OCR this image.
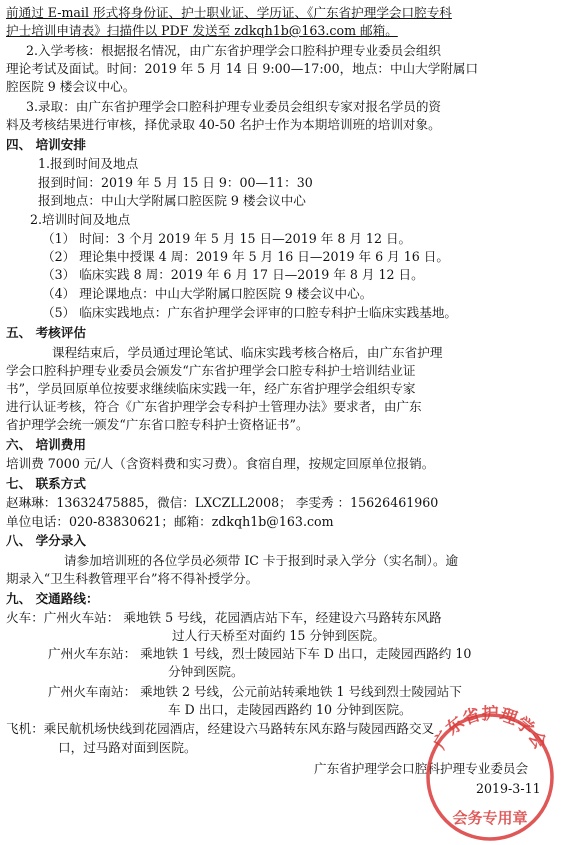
前通过 E-mail 形式将身份证、护士职业证、学历证、《广东省护理学会口腔专科
护士培训申请表》扫描件以 PDF 发送至 zdkqh1b@163.com 邮箱。
2.入学考核：根据报名情况，由广东省护理学会口腔科护理专业委员会组织
理论考试及面试。时间：2019 年 5 月 14 日 9:00—17:00，地点：中山大学附属口
腔医院 9 楼会议中心。
3.录取：由广东省护理学会口腔科护理专业委员会组织专家对报名学员的资
料及考核结果进行审核，择优录取 40-50 名护士作为本期培训班的培训对象。
四、 培训安排
1.报到时间及地点
报到时间：2019 年 5 月 15 日 9：00—11：30
报到地点：中山大学附属口腔医院 9 楼会议中心
2.培训时间及地点
（1） 时间：3 个月 2019 年 5 月 15 日—2019 年 8 月 12 日。
（2） 理论集中授课 4 周：2019 年 5 月 16 日—2019 年 6 月 16 日。
（3） 临床实践 8 周：2019 年 6 月 17 日—2019 年 8 月 12 日。
（4） 理论课地点：中山大学附属口腔医院 9 楼会议中心。
（5） 临床实践地点：广东省护理学会评审的口腔专科护士临床实践基地。
五、 考核评估
课程结束后，学员通过理论笔试、临床实践考核合格后，由广东省护理
学会口腔科护理专业委员会颁发“广东省护理学会口腔专科护士培训结业证
书”，学员回原单位按要求继续临床实践一年，经广东省护理学会组织专家
进行认证考核，符合《广东省护理学会专科护士管理办法》要求者，由广东
省护理学会统一颁发“广东省口腔专科护士资格证书”。
六、 培训费用
培训费 7000 元/人（含资料费和实习费）。食宿自理，按规定回原单位报销。
七、 联系方式
赵琳琳：13632475885，微信：LXCZLL2008； 李雯秀 ：15626461960
单位电话：020-83830621；邮箱：zdkqh1b@163.com
八、 学分录入
请参加培训班的各位学员必须带 IC 卡于报到时录入学分（实名制）。逾
期录入“卫生科教管理平台”将不得补授学分。
九、 交通路线：
火车：广州火车站： 乘地铁 5 号线，花园酒店站下车，经建设六马路转东风路
过人行天桥至对面约 15 分钟到医院。
广州火车东站： 乘地铁 1 号线，烈士陵园站下车 D 出口，走陵园西路约 10
分钟到医院。
广州火车南站： 乘地铁 2 号线，公元前站转乘地铁 1 号线到烈士陵园站下
车 D 出口，走陵园西路约 10 分钟到医院。
飞机：乘民航机场快线到花园酒店，经建设六马路转东风东路与陵园西路交叉
口，过马路对面到医院。
广东省护理学会口腔科护理专业委员会
2019-3-11
广东省护理学会
会务专用章
